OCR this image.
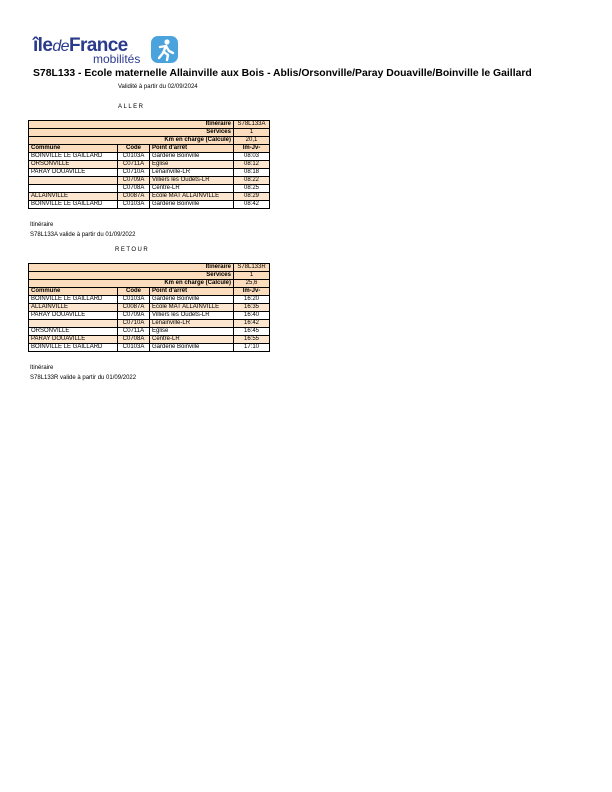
îledeFrance
mobilités
S78L133 - Ecole maternelle Allainville aux Bois - Ablis/Orsonville/Paray Douaville/Boinville le Gaillard
Validité à partir du 02/09/2024
ALLER
Itinéraire			S78L133A
Services			1
Km en charge (Calculé)			20,1
Commune	Code	Point d'arrêt	lm-Jv-
BOINVILLE LE GAILLARD	C0103A	Garderie Boinville	08:03
ORSONVILLE	C0711A	Eglise	08:12
PARAY DOUAVILLE	C0710A	Lenainville-LR	08:18
	C0709A	Villiers les Oudets-LR	08:22
	C0708A	Centre-LR	08:25
ALLAINVILLE	C0087A	Ecole MAT ALLAINVILLE	08:29
BOINVILLE LE GAILLARD	C0103A	Garderie Boinville	08:42
Itinéraire
S78L133A valide à partir du 01/09/2022
RETOUR
Itinéraire			S78L133R
Services			1
Km en charge (Calculé)			25,6
Commune	Code	Point d'arrêt	lm-Jv-
BOINVILLE LE GAILLARD	C0103A	Garderie Boinville	16:20
ALLAINVILLE	C0087A	Ecole MAT ALLAINVILLE	16:35
PARAY DOUAVILLE	C0709A	Villiers les Oudets-LR	16:40
	C0710A	Lenainville-LR	16:42
ORSONVILLE	C0711A	Eglise	16:45
PARAY DOUAVILLE	C0708A	Centre-LR	16:55
BOINVILLE LE GAILLARD	C0103A	Garderie Boinville	17:10
Itinéraire
S78L133R valide à partir du 01/09/2022
